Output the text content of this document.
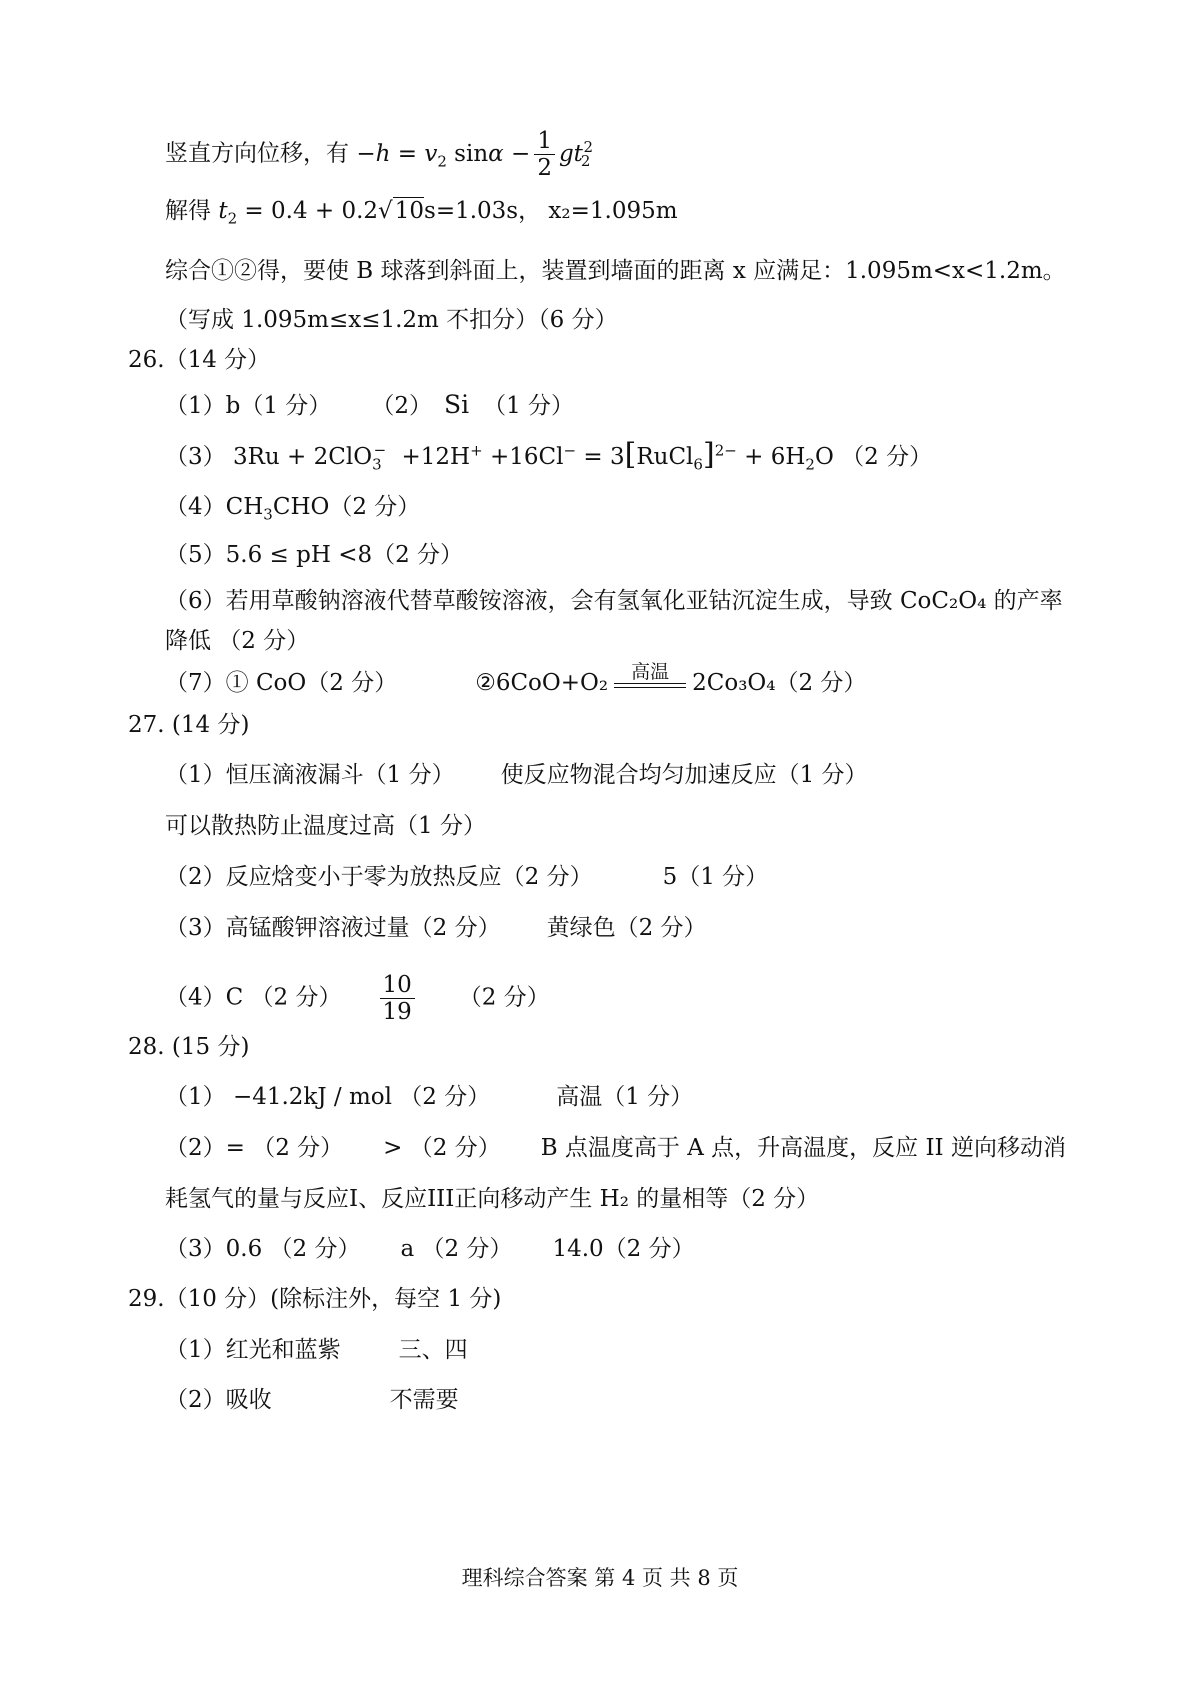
竖直方向位移，有 $-h = v_2$ $\sin\alpha - \frac{1}{2} gt_2^2$
解得 $t_2 = 0.4 + 0.2√10s=1.03s$， x₂=1.095m
综合①②得，要使 B 球落到斜面上，装置到墙面的距离 x 应满足：1.095m<x<1.2m。
（写成 1.095m≤x≤1.2m 不扣分）（6 分）
26.（14 分）
（1）b（1 分） （2） Si （1 分）
（3） 3Ru + 2ClO$_3$− +12H+ +16Cl− = 3[RuCl$_6$]$^{2-}$ + $6H_2O$ （2 分）
$(4)CH_3CHO(2$ 分）
（5）5.6 ≤ pH <8（2 分）
（6）若用草酸钠溶液代替草酸铵溶液，会有氢氧化亚钴沉淀生成，导致 CoC₂O₄ 的产率
降低 （2 分）
（7）① CoO（2 分）	②6CoO+O₂	高温	2Co₃O₄（2 分）
27. (14 分)
（1）恒压滴液漏斗（1 分） 使反应物混合均匀加速反应（1 分）
可以散热防止温度过高（1 分）
（2）反应焓变小于零为放热反应（2 分）	5（1 分）
（3）高锰酸钾溶液过量（2 分） 黄绿色（2 分）
（4）C （2 分） $\frac{10}{19} (2$ 分）
28. (15 分)
（1） −41.2kJ / mol （2 分）	高温（1 分）
（2）= （2 分） > （2 分） B 点温度高于 A 点，升高温度，反应 II 逆向移动消
耗氢气的量与反应Ⅰ、反应III正向移动产生 H₂ 的量相等（2 分）
（3）0.6 （2 分） a （2 分） 14.0（2 分）
29.（10 分）(除标注外，每空 1 分)
（1）红光和蓝紫	三、四
（2）吸收	不需要
理科综合答案 第 4 页 共 8 页
